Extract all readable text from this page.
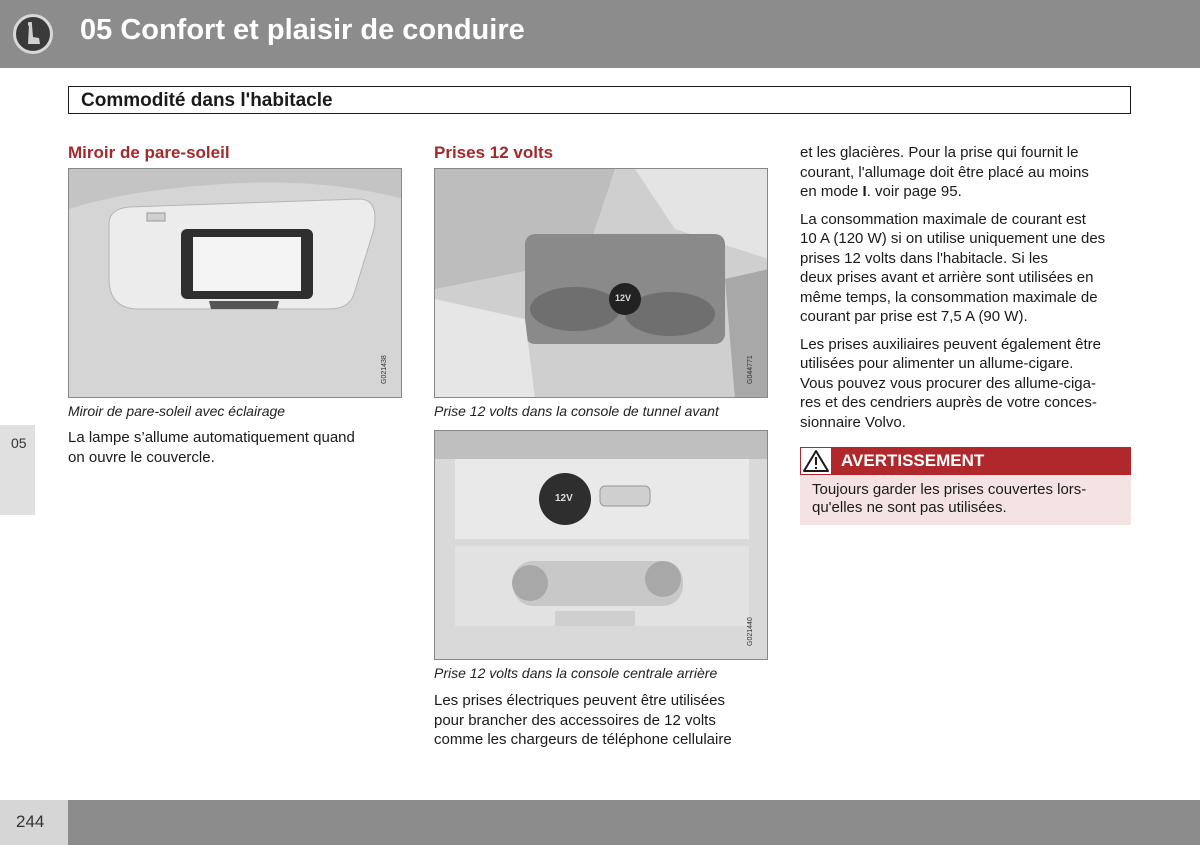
05 Confort et plaisir de conduire
Commodité dans l'habitacle
05
Miroir de pare-soleil
G021438
Miroir de pare-soleil avec éclairage
La lampe s’allume automatiquement quand
on ouvre le couvercle.
Prises 12 volts
12V
G044771
Prise 12 volts dans la console de tunnel avant
12V
G021440
Prise 12 volts dans la console centrale arrière
Les prises électriques peuvent être utilisées
pour brancher des accessoires de 12 volts
comme les chargeurs de téléphone cellulaire

et les glacières. Pour la prise qui fournit le
courant, l'allumage doit être placé au moins
en mode I. voir page 95.

La consommation maximale de courant est
10 A (120 W) si on utilise uniquement une des
prises 12 volts dans l'habitacle. Si les
deux prises avant et arrière sont utilisées en
même temps, la consommation maximale de
courant par prise est 7,5 A (90 W).

Les prises auxiliaires peuvent également être
utilisées pour alimenter un allume-cigare.
Vous pouvez vous procurer des allume-ciga-
res et des cendriers auprès de votre conces-
sionnaire Volvo.

AVERTISSEMENT
Toujours garder les prises couvertes lors-
qu'elles ne sont pas utilisées.
244
